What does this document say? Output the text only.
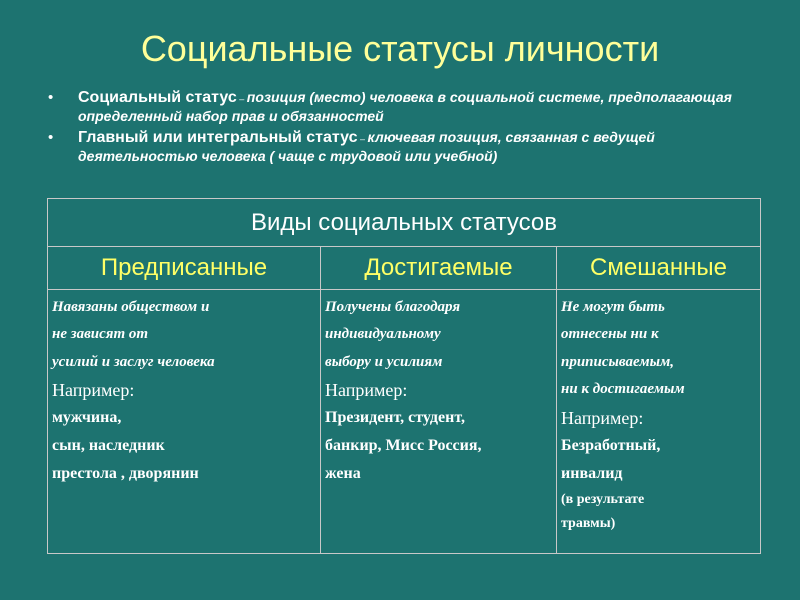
Социальные статусы личности
• Социальный статус – позиция (место) человека в социальной системе, предполагающая определенный набор прав и обязанностей
• Главный или интегральный статус – ключевая позиция, связанная с ведущей деятельностью человека ( чаще с трудовой или учебной)
Виды социальных статусов
Предписанные	Достигаемые	Смешанные
Навязаны обществом и
не зависят от
усилий и заслуг человека
Например:
мужчина,
сын, наследник
престола , дворянин
Получены благодаря
индивидуальному
выбору и усилиям
Например:
Президент, студент,
банкир, Мисс Россия,
жена
Не могут быть
отнесены ни к
приписываемым,
ни к достигаемым
Например:
Безработный,
инвалид
(в результате
травмы)
